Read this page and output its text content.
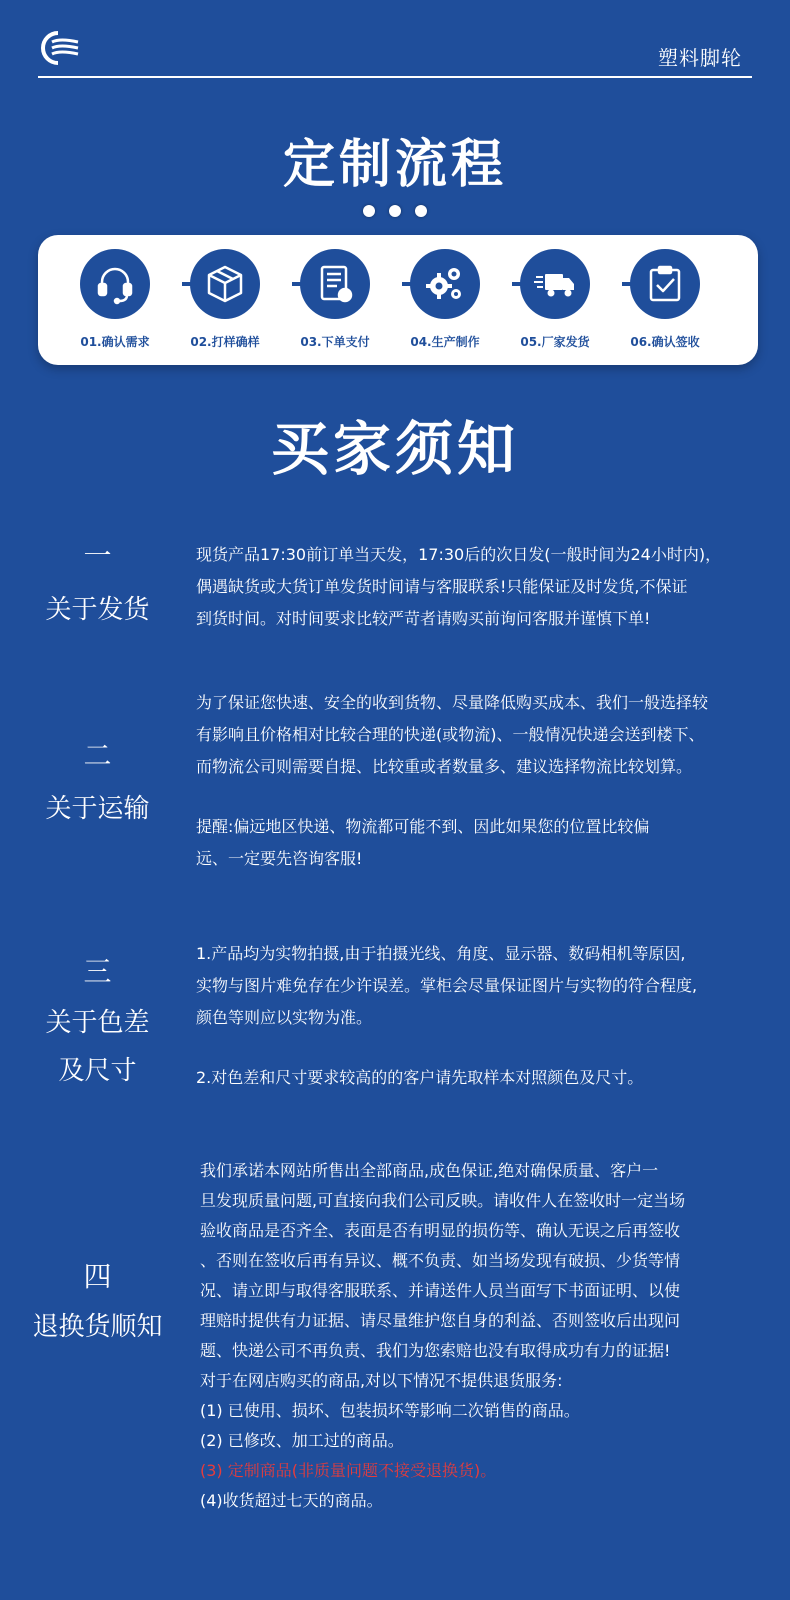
塑料脚轮
定制流程
01.确认需求	02.打样确样	03.下单支付	04.生产制作	05.厂家发货	06.确认签收
买家须知
一
关于发货
现货产品17:30前订单当天发，17:30后的次日发(一般时间为24小时内)，
偶遇缺货或大货订单发货时间请与客服联系!只能保证及时发货,不保证
到货时间。对时间要求比较严苛者请购买前询问客服并谨慎下单!
二
关于运输
为了保证您快速、安全的收到货物、尽量降低购买成本、我们一般选择较
有影响且价格相对比较合理的快递(或物流)、一般情况快递会送到楼下、
而物流公司则需要自提、比较重或者数量多、建议选择物流比较划算。
提醒:偏远地区快递、物流都可能不到、因此如果您的位置比较偏
远、一定要先咨询客服!
三
关于色差
及尺寸
1.产品均为实物拍摄,由于拍摄光线、角度、显示器、数码相机等原因,
实物与图片难免存在少许误差。掌柜会尽量保证图片与实物的符合程度,
颜色等则应以实物为准。
2.对色差和尺寸要求较高的的客户请先取样本对照颜色及尺寸。
四
退换货顺知
我们承诺本网站所售出全部商品,成色保证,绝对确保质量、客户一
旦发现质量问题,可直接向我们公司反映。请收件人在签收时一定当场
验收商品是否齐全、表面是否有明显的损伤等、确认无误之后再签收
、否则在签收后再有异议、概不负责、如当场发现有破损、少货等情
况、请立即与取得客服联系、并请送件人员当面写下书面证明、以使
理赔时提供有力证据、请尽量维护您自身的利益、否则签收后出现问
题、快递公司不再负责、我们为您索赔也没有取得成功有力的证据!
对于在网店购买的商品,对以下情况不提供退货服务:
(1) 已使用、损坏、包装损坏等影响二次销售的商品。
(2) 已修改、加工过的商品。
(3) 定制商品(非质量问题不接受退换货)。
(4)收货超过七天的商品。
